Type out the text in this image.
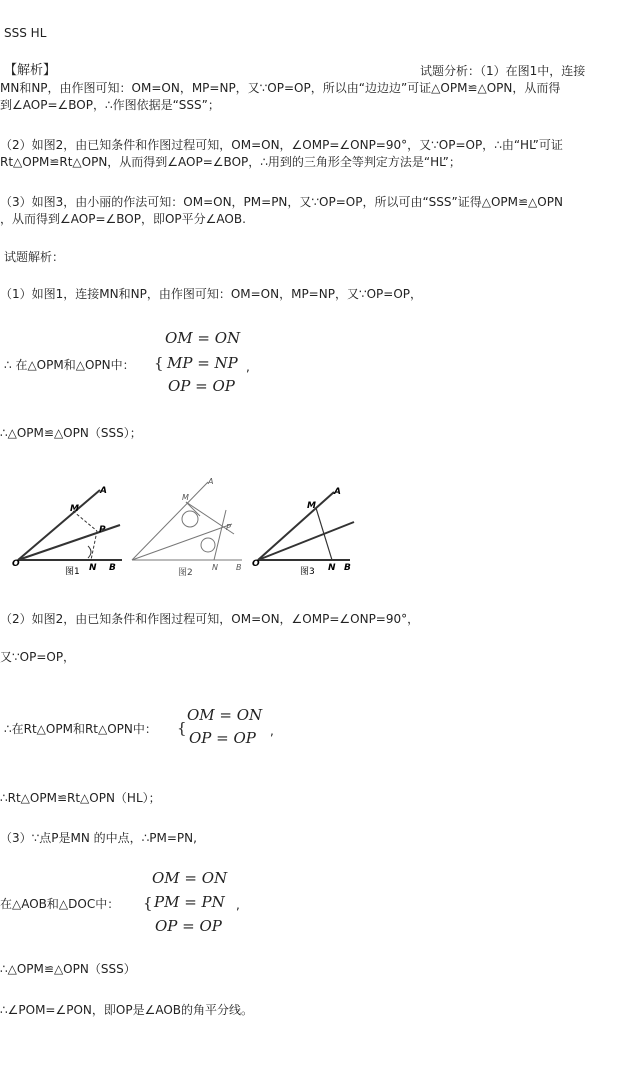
SSS HL
【解析】	试题分析：（1）在图1中，连接
MN和NP，由作图可知：OM=ON，MP=NP，又∵OP=OP，所以由“边边边”可证△OPM≌△OPN，从而得
到∠AOP=∠BOP，∴作图依据是“SSS”；
（2）如图2，由已知条件和作图过程可知，OM=ON，∠OMP=∠ONP=90°，又∵OP=OP，∴由“HL”可证
Rt△OPM≌Rt△OPN，从而得到∠AOP=∠BOP，∴用到的三角形全等判定方法是“HL”；
（3）如图3，由小丽的作法可知：OM=ON，PM=PN，又∵OP=OP，所以可由“SSS”证得△OPM≌△OPN
，从而得到∠AOP=∠BOP，即OP平分∠AOB.
试题解析：
（1）如图1，连接MN和NP，由作图可知：OM=ON，MP=NP，又∵OP=OP，
∴ 在△OPM和△OPN中： {
OM = ON
MP = NP
OP = OP
,
∴△OPM≌△OPN（SSS）；
A
M
P
O	N B
图1
A
M
P
N B
图2
A
M
O	N B
图3
（2）如图2，由已知条件和作图过程可知，OM=ON，∠OMP=∠ONP=90°，
又∵OP=OP，
∴在Rt△OPM和Rt△OPN中： {
OM = ON
OP = OP ,
∴Rt△OPM≌Rt△OPN（HL）；
（3）∵点P是MN 的中点，∴PM=PN,
在△AOB和△DOC中： {
OM = ON
PM = PN
OP = OP
,
∴△OPM≌△OPN（SSS）
∴∠POM=∠PON，即OP是∠AOB的角平分线。
